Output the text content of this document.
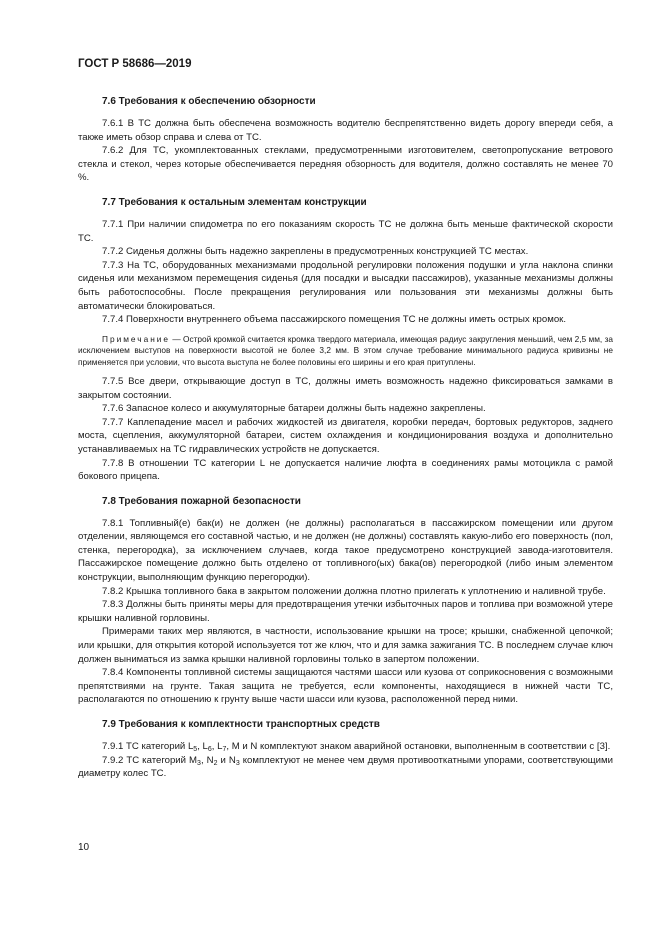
ГОСТ Р 58686—2019
7.6 Требования к обеспечению обзорности

7.6.1 В ТС должна быть обеспечена возможность водителю беспрепятственно видеть дорогу впереди себя, а также иметь обзор справа и слева от ТС.

7.6.2 Для ТС, укомплектованных стеклами, предусмотренными изготовителем, светопропускание ветрового стекла и стекол, через которые обеспечивается передняя обзорность для водителя, должно составлять не менее 70 %.

7.7 Требования к остальным элементам конструкции

7.7.1 При наличии спидометра по его показаниям скорость ТС не должна быть меньше фактической скорости ТС.

7.7.2 Сиденья должны быть надежно закреплены в предусмотренных конструкцией ТС местах.

7.7.3 На ТС, оборудованных механизмами продольной регулировки положения подушки и угла наклона спинки сиденья или механизмом перемещения сиденья (для посадки и высадки пассажиров), указанные механизмы должны быть работоспособны. После прекращения регулирования или пользования эти механизмы должны быть автоматически блокироваться.

7.7.4 Поверхности внутреннего объема пассажирского помещения ТС не должны иметь острых кромок.

Примечание — Острой кромкой считается кромка твердого материала, имеющая радиус закругления меньший, чем 2,5 мм, за исключением выступов на поверхности высотой не более 3,2 мм. В этом случае требование минимального радиуса кривизны не применяется при условии, что высота выступа не более половины его ширины и его края притуплены.

7.7.5 Все двери, открывающие доступ в ТС, должны иметь возможность надежно фиксироваться замками в закрытом состоянии.

7.7.6 Запасное колесо и аккумуляторные батареи должны быть надежно закреплены.

7.7.7 Каплепадение масел и рабочих жидкостей из двигателя, коробки передач, бортовых редукторов, заднего моста, сцепления, аккумуляторной батареи, систем охлаждения и кондиционирования воздуха и дополнительно устанавливаемых на ТС гидравлических устройств не допускается.

7.7.8 В отношении ТС категории L не допускается наличие люфта в соединениях рамы мотоцикла с рамой бокового прицепа.

7.8 Требования пожарной безопасности

7.8.1 Топливный(е) бак(и) не должен (не должны) располагаться в пассажирском помещении или другом отделении, являющемся его составной частью, и не должен (не должны) составлять какую-либо его поверхность (пол, стенка, перегородка), за исключением случаев, когда такое предусмотрено конструкцией завода-изготовителя. Пассажирское помещение должно быть отделено от топливного(ых) бака(ов) перегородкой (либо иным элементом конструкции, выполняющим функцию перегородки).

7.8.2 Крышка топливного бака в закрытом положении должна плотно прилегать к уплотнению и наливной трубе.

7.8.3 Должны быть приняты меры для предотвращения утечки избыточных паров и топлива при возможной утере крышки наливной горловины.

Примерами таких мер являются, в частности, использование крышки на тросе; крышки, снабженной цепочкой; или крышки, для открытия которой используется тот же ключ, что и для замка зажигания ТС. В последнем случае ключ должен выниматься из замка крышки наливной горловины только в запертом положении.

7.8.4 Компоненты топливной системы защищаются частями шасси или кузова от соприкосновения с возможными препятствиями на грунте. Такая защита не требуется, если компоненты, находящиеся в нижней части ТС, располагаются по отношению к грунту выше части шасси или кузова, расположенной перед ними.

7.9 Требования к комплектности транспортных средств

7.9.1 ТС категорий $L_5$, $L_6$, $L_7$, M и N комплектуют знаком аварийной остановки, выполненным в соответствии с [3].

7.9.2 ТС категорий $M_3$, $N_2$ и $N_3$ комплектуют не менее чем двумя противооткатными упорами, соответствующими диаметру колес ТС.

10
